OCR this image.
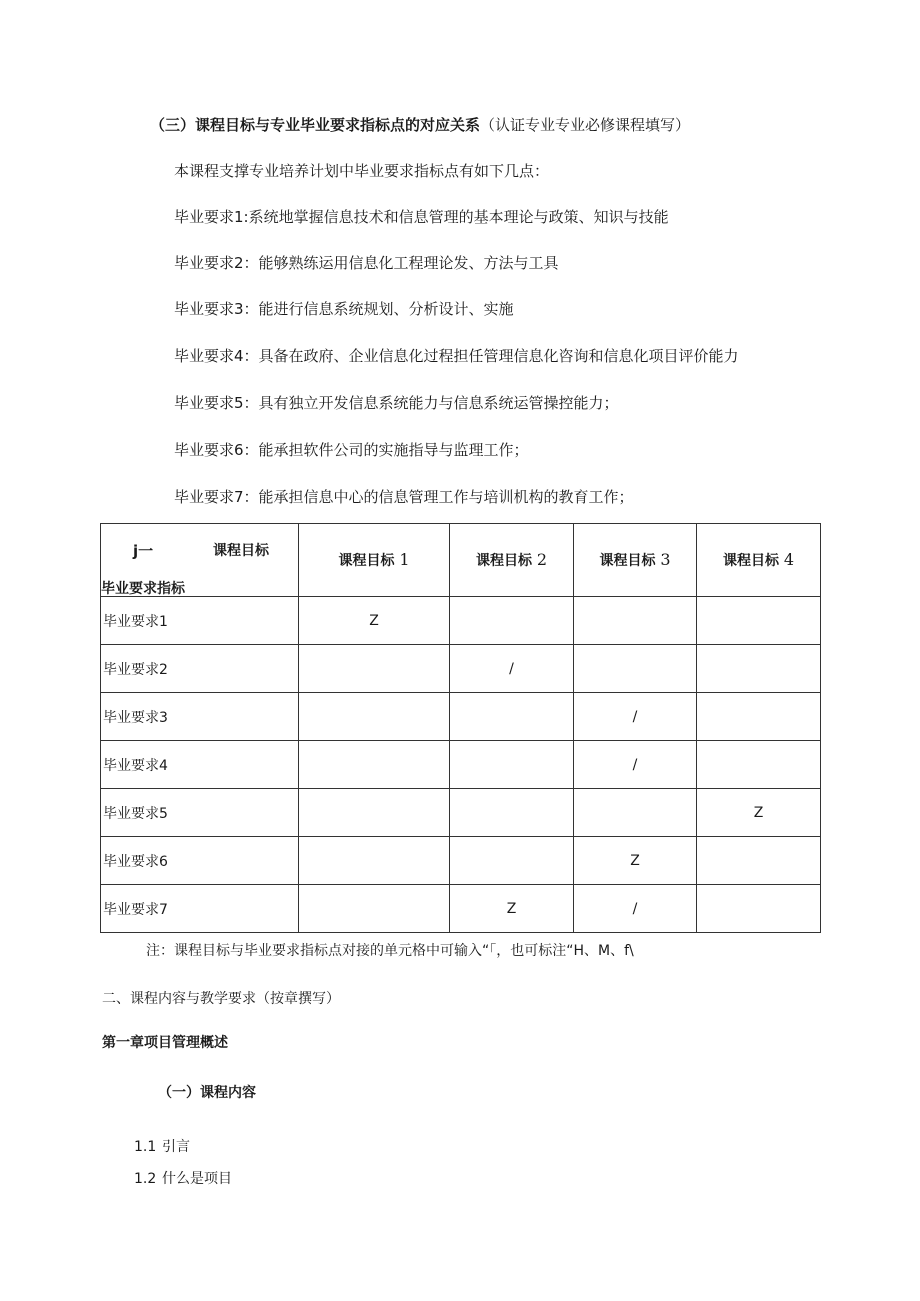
（三）课程目标与专业毕业要求指标点的对应关系（认证专业专业必修课程填写）
本课程支撑专业培养计划中毕业要求指标点有如下几点：
毕业要求1:系统地掌握信息技术和信息管理的基本理论与政策、知识与技能
毕业要求2：能够熟练运用信息化工程理论发、方法与工具
毕业要求3：能进行信息系统规划、分析设计、实施
毕业要求4：具备在政府、企业信息化过程担任管理信息化咨询和信息化项目评价能力
毕业要求5：具有独立开发信息系统能力与信息系统运管操控能力；
毕业要求6：能承担软件公司的实施指导与监理工作；
毕业要求7：能承担信息中心的信息管理工作与培训机构的教育工作；
j一 课程目标
毕业要求指标	课程目标 1	课程目标 2	课程目标 3	课程目标 4
毕业要求1	Z			
毕业要求2		/		
毕业要求3			/	
毕业要求4			/	
毕业要求5				Z
毕业要求6			Z	
毕业要求7		Z	/	
注：课程目标与毕业要求指标点对接的单元格中可输入“「，也可标注“H、M、f\
二、课程内容与教学要求（按章撰写）
第一章项目管理概述
（一）课程内容
1.1 引言
1.2 什么是项目
